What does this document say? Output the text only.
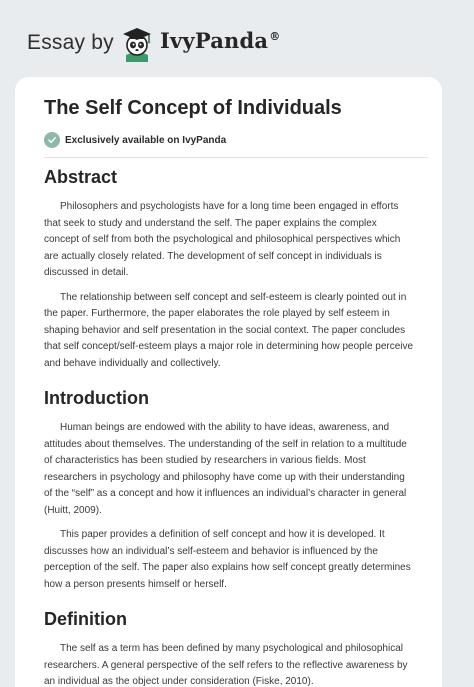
Essay by IvyPanda®
The Self Concept of Individuals
Exclusively available on IvyPanda
Abstract

Philosophers and psychologists have for a long time been engaged in efforts that seek to study and understand the self. The paper explains the complex concept of self from both the psychological and philosophical perspectives which are actually closely related. The development of self concept in individuals is discussed in detail.

The relationship between self concept and self-esteem is clearly pointed out in the paper. Furthermore, the paper elaborates the role played by self esteem in shaping behavior and self presentation in the social context. The paper concludes that self concept/self-esteem plays a major role in determining how people perceive and behave individually and collectively.

Introduction

Human beings are endowed with the ability to have ideas, awareness, and attitudes about themselves. The understanding of the self in relation to a multitude of characteristics has been studied by researchers in various fields. Most researchers in psychology and philosophy have come up with their understanding of the “self” as a concept and how it influences an individual’s character in general (Huitt, 2009).

This paper provides a definition of self concept and how it is developed. It discusses how an individual’s self-esteem and behavior is influenced by the perception of the self. The paper also explains how self concept greatly determines how a person presents himself or herself.

Definition

The self as a term has been defined by many psychological and philosophical researchers. A general perspective of the self refers to the reflective awareness by an individual as the object under consideration (Fiske, 2010).
